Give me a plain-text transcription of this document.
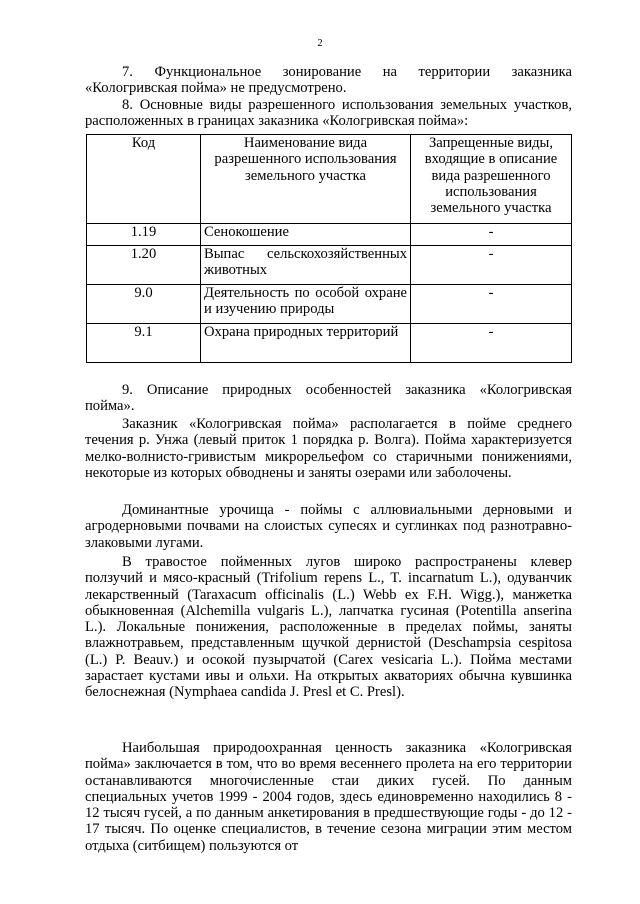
2

7. Функциональное зонирование на территории заказника «Кологривская пойма» не предусмотрено.

8. Основные виды разрешенного использования земельных участков, расположенных в границах заказника «Кологривская пойма»:

Код	Наименование вида разрешенного использования земельного участка	Запрещенные виды, входящие в описание вида разрешенного использования земельного участка
1.19	Сенокошение	-
1.20	Выпас сельскохозяйственных животных	-
9.0	Деятельность по особой охране и изучению природы	-
9.1	Охрана природных территорий	-

9. Описание природных особенностей заказника «Кологривская пойма».

Заказник «Кологривская пойма» располагается в пойме среднего течения р. Унжа (левый приток 1 порядка р. Волга). Пойма характеризуется мелко-волнисто-гривистым микрорельефом со старичными понижениями, некоторые из которых обводнены и заняты озерами или заболочены.

Доминантные урочища - поймы с аллювиальными дерновыми и агродерновыми почвами на слоистых супесях и суглинках под разнотравно-злаковыми лугами.

В травостое пойменных лугов широко распространены клевер ползучий и мясо-красный (Trifolium repens L., T. incarnatum L.), одуванчик лекарственный (Taraxacum officinalis (L.) Webb ex F.H. Wigg.), манжетка обыкновенная (Alchemilla vulgaris L.), лапчатка гусиная (Potentilla anserina L.). Локальные понижения, расположенные в пределах поймы, заняты влажнотравьем, представленным щучкой дернистой (Deschampsia cespitosa (L.) P. Beauv.) и осокой пузырчатой (Carex vesicaria L.). Пойма местами зарастает кустами ивы и ольхи. На открытых акваториях обычна кувшинка белоснежная (Nymphaea candida J. Presl et C. Presl).

Наибольшая природоохранная ценность заказника «Кологривская пойма» заключается в том, что во время весеннего пролета на его территории останавливаются многочисленные стаи диких гусей. По данным специальных учетов 1999 - 2004 годов, здесь единовременно находились 8 - 12 тысяч гусей, а по данным анкетирования в предшествующие годы - до 12 - 17 тысяч. По оценке специалистов, в течение сезона миграции этим местом отдыха (ситбищем) пользуются от
